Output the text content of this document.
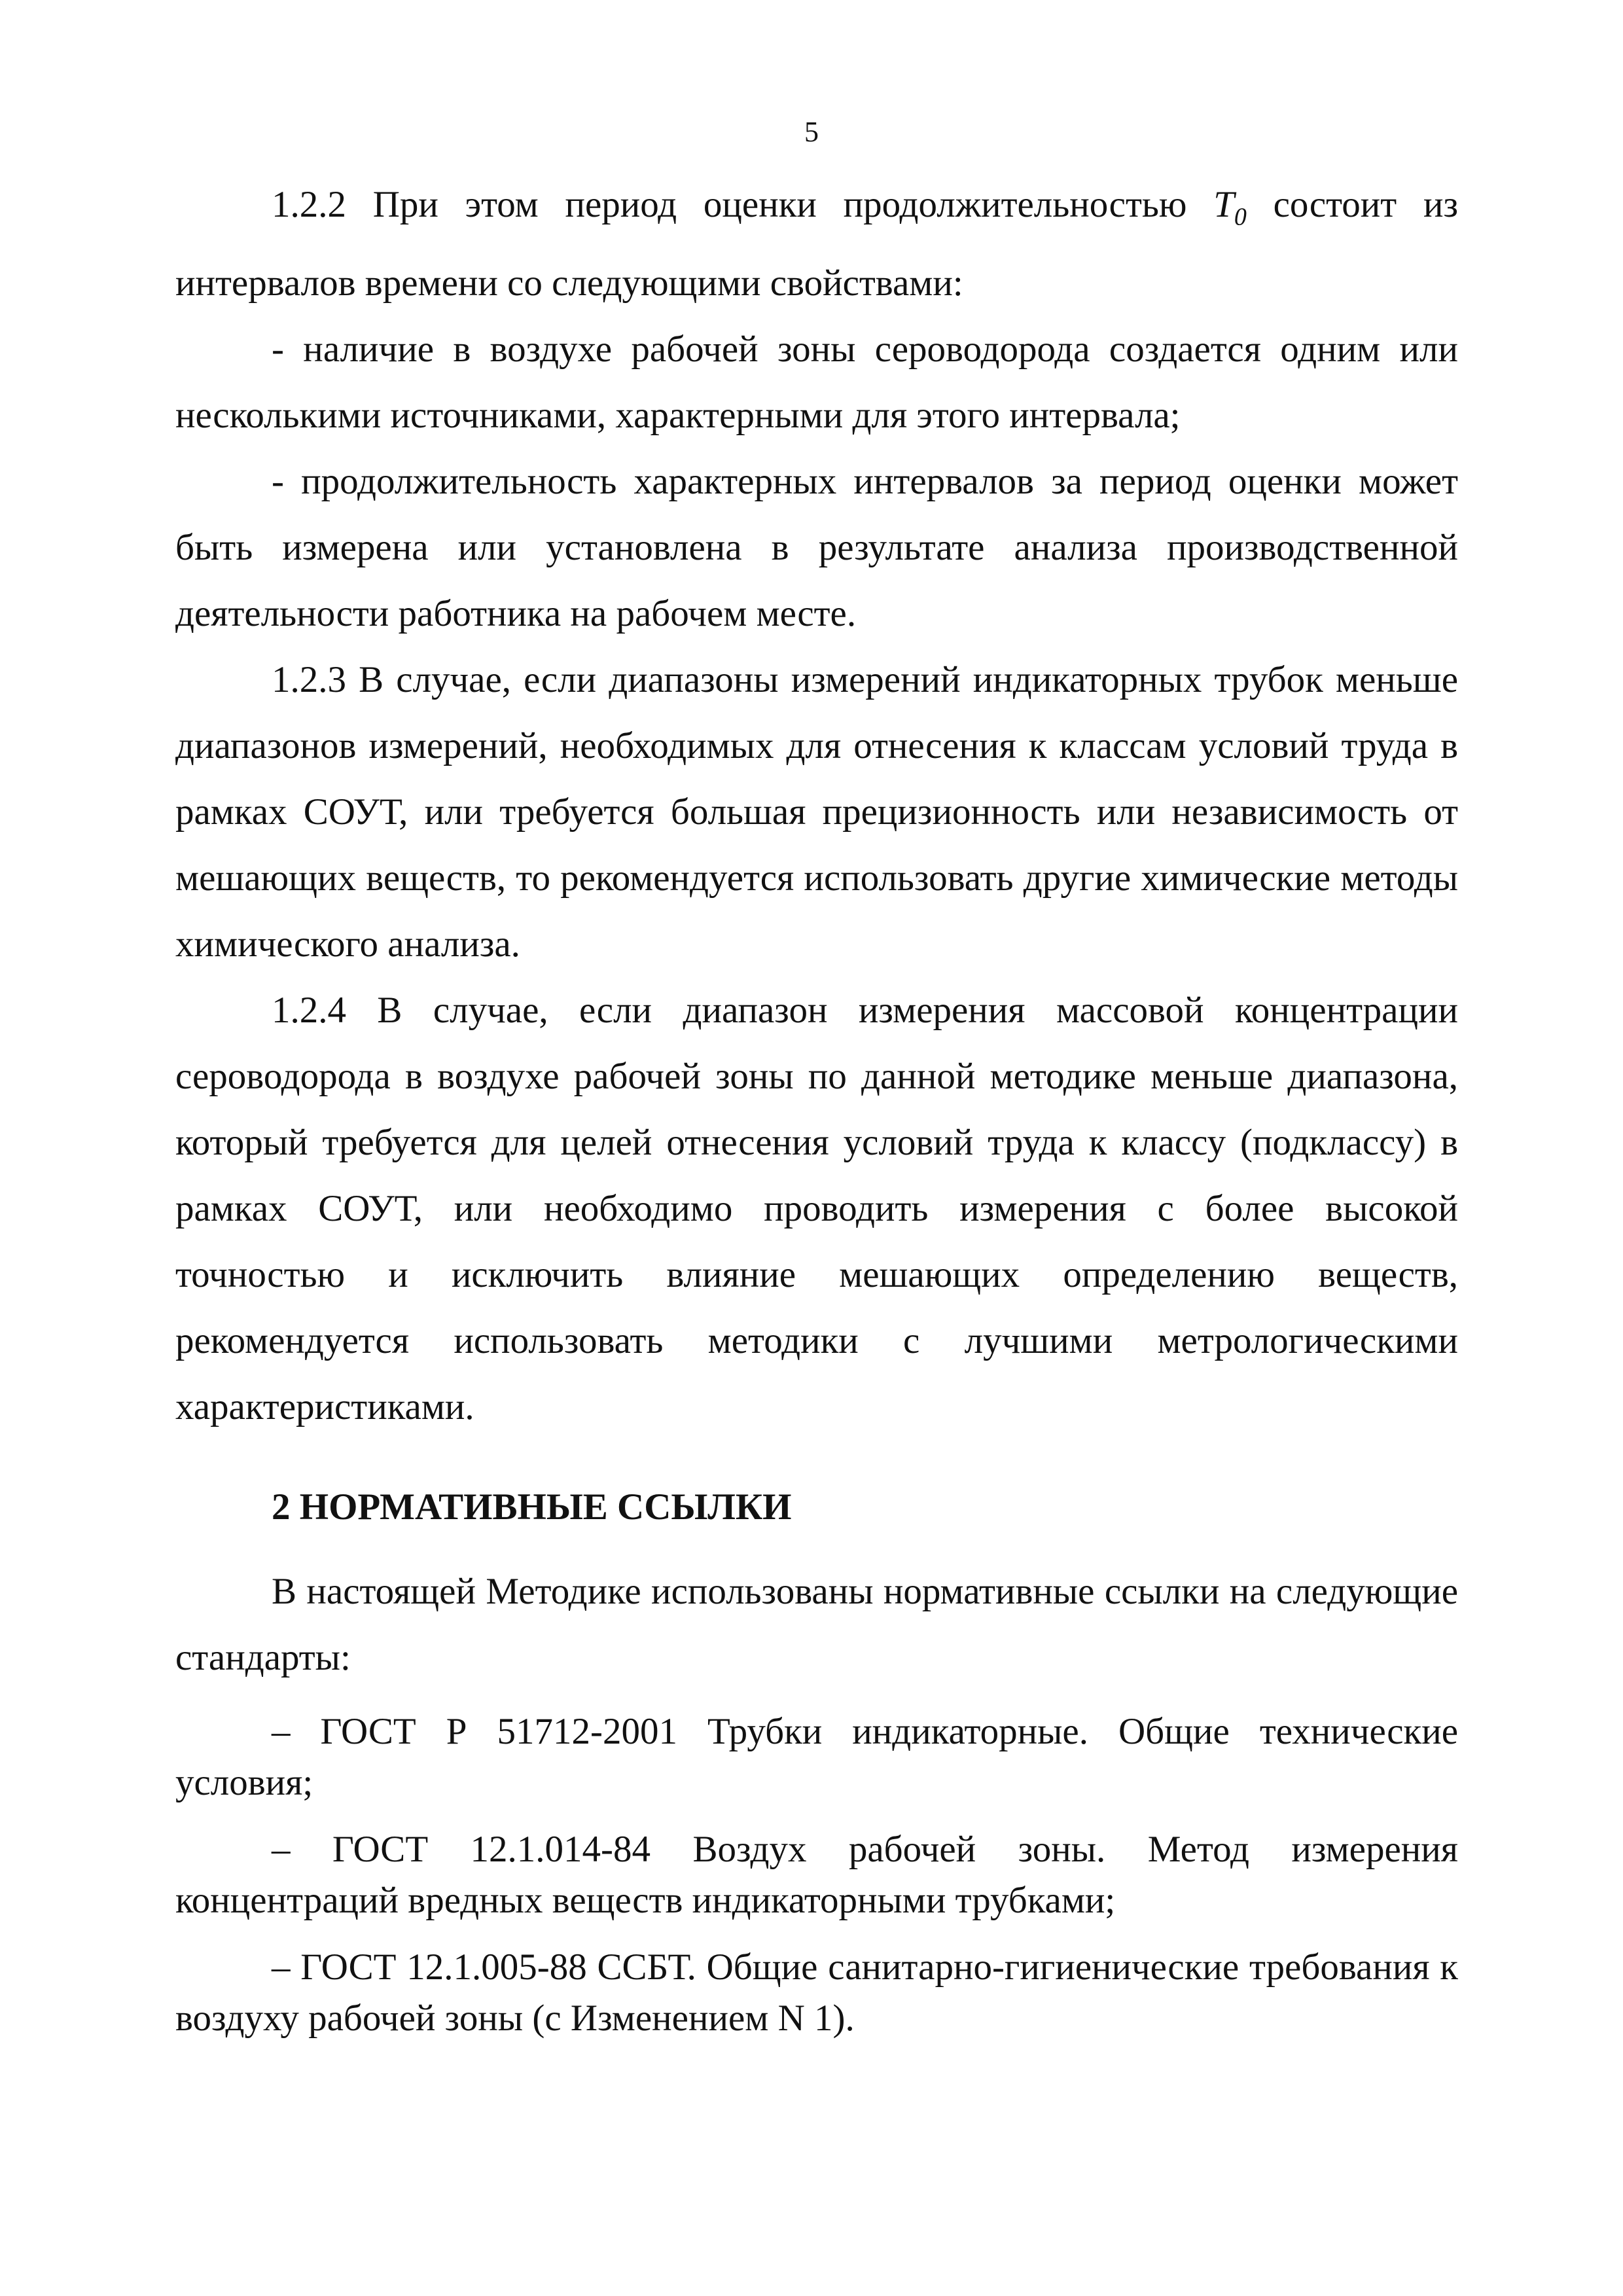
5

1.2.2 При этом период оценки продолжительностью $T_0$ состоит из интервалов времени со следующими свойствами:

- наличие в воздухе рабочей зоны сероводорода создается одним или несколькими источниками, характерными для этого интервала;

- продолжительность характерных интервалов за период оценки может быть измерена или установлена в результате анализа производственной деятельности работника на рабочем месте.

1.2.3 В случае, если диапазоны измерений индикаторных трубок меньше диапазонов измерений, необходимых для отнесения к классам условий труда в рамках СОУТ, или требуется большая прецизионность или независимость от мешающих веществ, то рекомендуется использовать другие химические методы химического анализа.

1.2.4 В случае, если диапазон измерения массовой концентрации сероводорода в воздухе рабочей зоны по данной методике меньше диапазона, который требуется для целей отнесения условий труда к классу (подклассу) в рамках СОУТ, или необходимо проводить измерения с более высокой точностью и исключить влияние мешающих определению веществ, рекомендуется использовать методики с лучшими метрологическими характеристиками.

2 НОРМАТИВНЫЕ ССЫЛКИ

В настоящей Методике использованы нормативные ссылки на следующие стандарты:

– ГОСТ Р 51712-2001 Трубки индикаторные. Общие технические условия;

– ГОСТ 12.1.014-84 Воздух рабочей зоны. Метод измерения концентраций вредных веществ индикаторными трубками;

– ГОСТ 12.1.005-88 ССБТ. Общие санитарно-гигиенические требования к воздуху рабочей зоны (с Изменением N 1).
